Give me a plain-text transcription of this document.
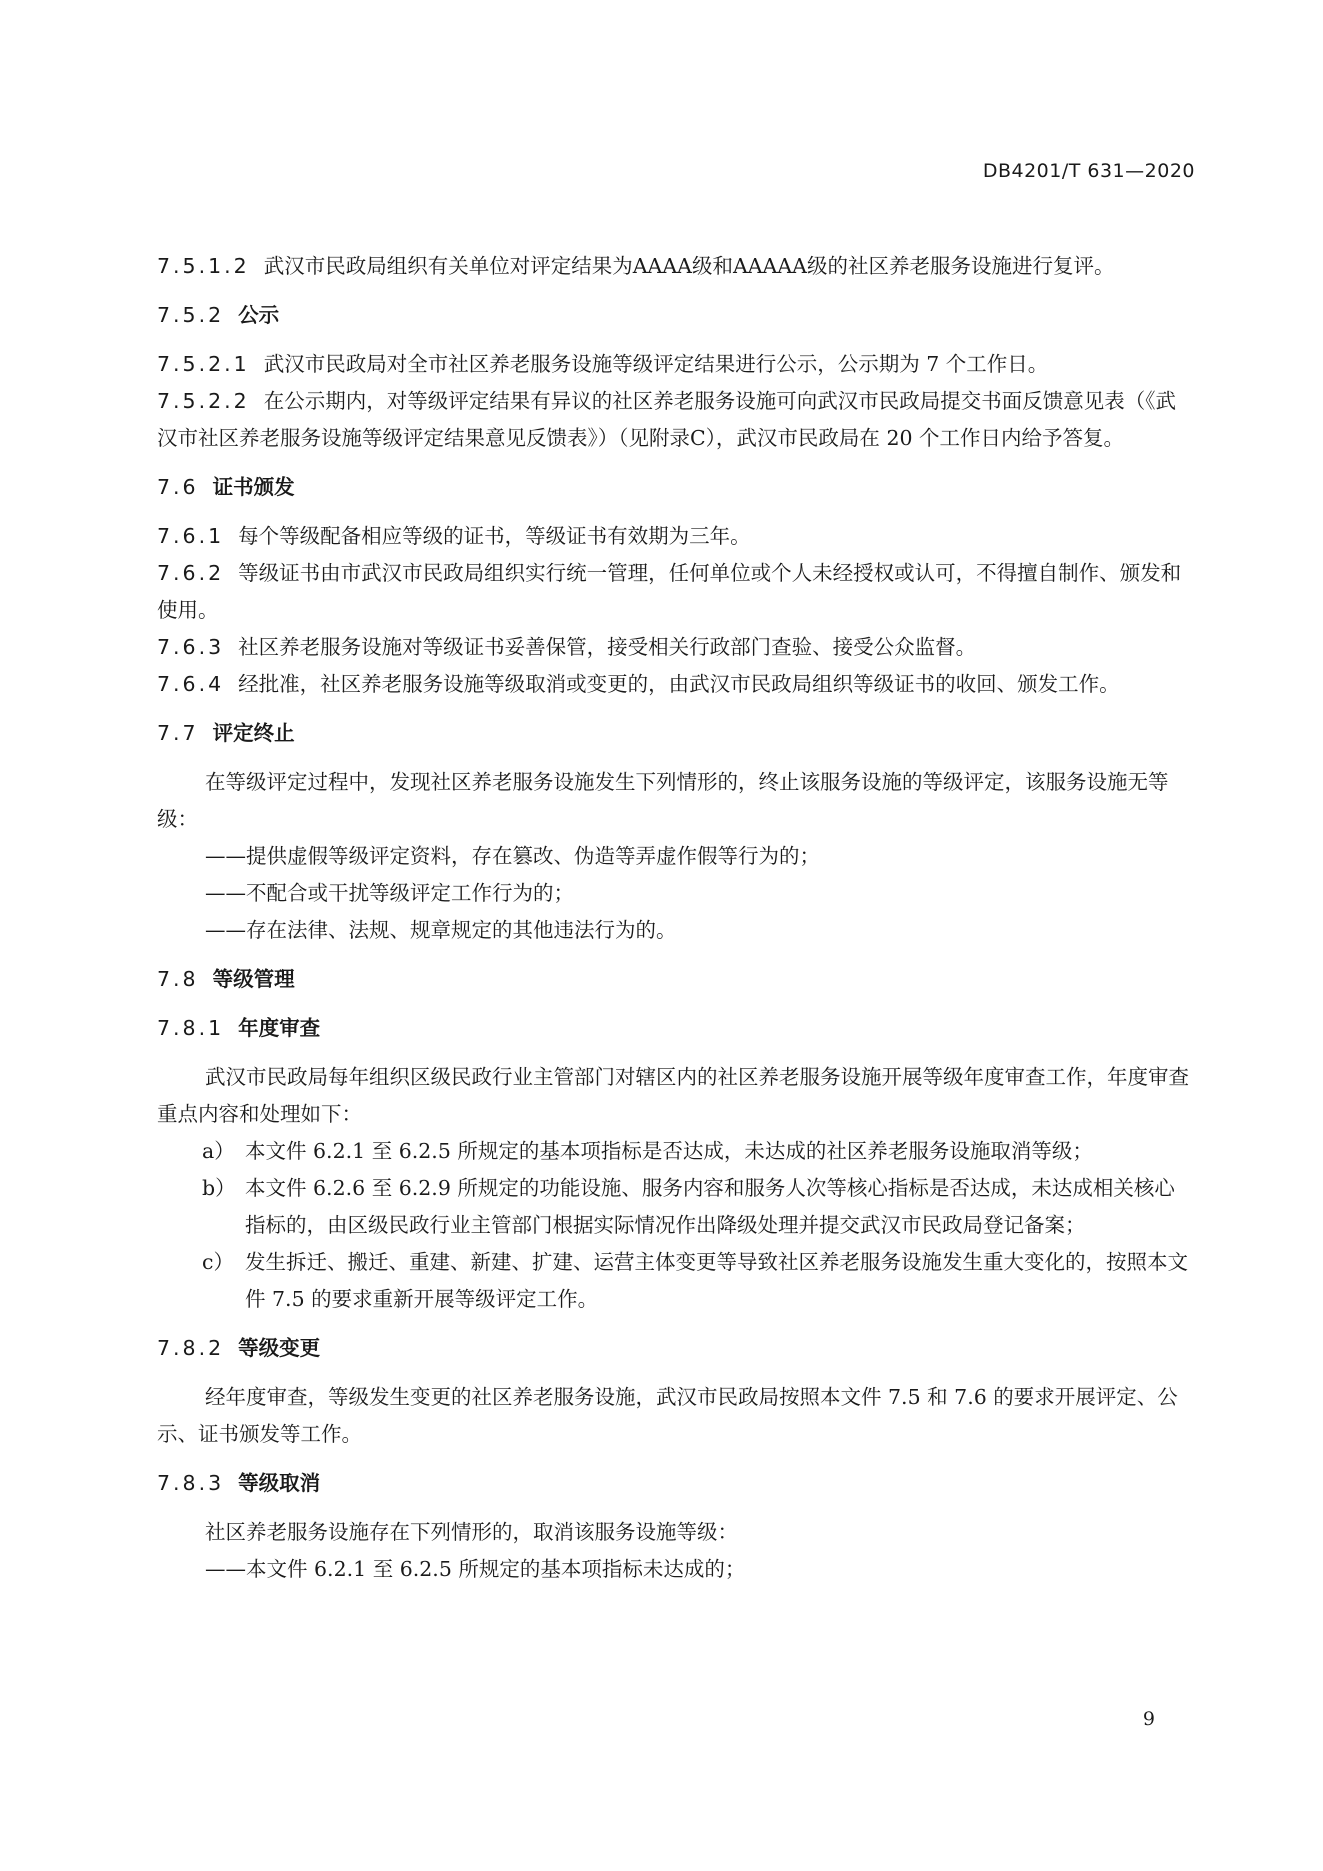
DB4201/T 631—2020

7.5.1.2 武汉市民政局组织有关单位对评定结果为AAAA级和AAAAA级的社区养老服务设施进行复评。

7.5.2 公示

7.5.2.1 武汉市民政局对全市社区养老服务设施等级评定结果进行公示，公示期为 7 个工作日。

7.5.2.2 在公示期内，对等级评定结果有异议的社区养老服务设施可向武汉市民政局提交书面反馈意见表（《武汉市社区养老服务设施等级评定结果意见反馈表》）（见附录C），武汉市民政局在 20 个工作日内给予答复。

7.6 证书颁发

7.6.1 每个等级配备相应等级的证书，等级证书有效期为三年。

7.6.2 等级证书由市武汉市民政局组织实行统一管理，任何单位或个人未经授权或认可，不得擅自制作、颁发和使用。

7.6.3 社区养老服务设施对等级证书妥善保管，接受相关行政部门查验、接受公众监督。

7.6.4 经批准，社区养老服务设施等级取消或变更的，由武汉市民政局组织等级证书的收回、颁发工作。

7.7 评定终止

在等级评定过程中，发现社区养老服务设施发生下列情形的，终止该服务设施的等级评定，该服务设施无等级：

——提供虚假等级评定资料，存在篡改、伪造等弄虚作假等行为的；

——不配合或干扰等级评定工作行为的；

——存在法律、法规、规章规定的其他违法行为的。

7.8 等级管理

7.8.1 年度审查

武汉市民政局每年组织区级民政行业主管部门对辖区内的社区养老服务设施开展等级年度审查工作，年度审查重点内容和处理如下：

a） 本文件 6.2.1 至 6.2.5 所规定的基本项指标是否达成，未达成的社区养老服务设施取消等级；

b） 本文件 6.2.6 至 6.2.9 所规定的功能设施、服务内容和服务人次等核心指标是否达成，未达成相关核心指标的，由区级民政行业主管部门根据实际情况作出降级处理并提交武汉市民政局登记备案；

c） 发生拆迁、搬迁、重建、新建、扩建、运营主体变更等导致社区养老服务设施发生重大变化的，按照本文件 7.5 的要求重新开展等级评定工作。

7.8.2 等级变更

经年度审查，等级发生变更的社区养老服务设施，武汉市民政局按照本文件 7.5 和 7.6 的要求开展评定、公示、证书颁发等工作。

7.8.3 等级取消

社区养老服务设施存在下列情形的，取消该服务设施等级：

——本文件 6.2.1 至 6.2.5 所规定的基本项指标未达成的；

9
